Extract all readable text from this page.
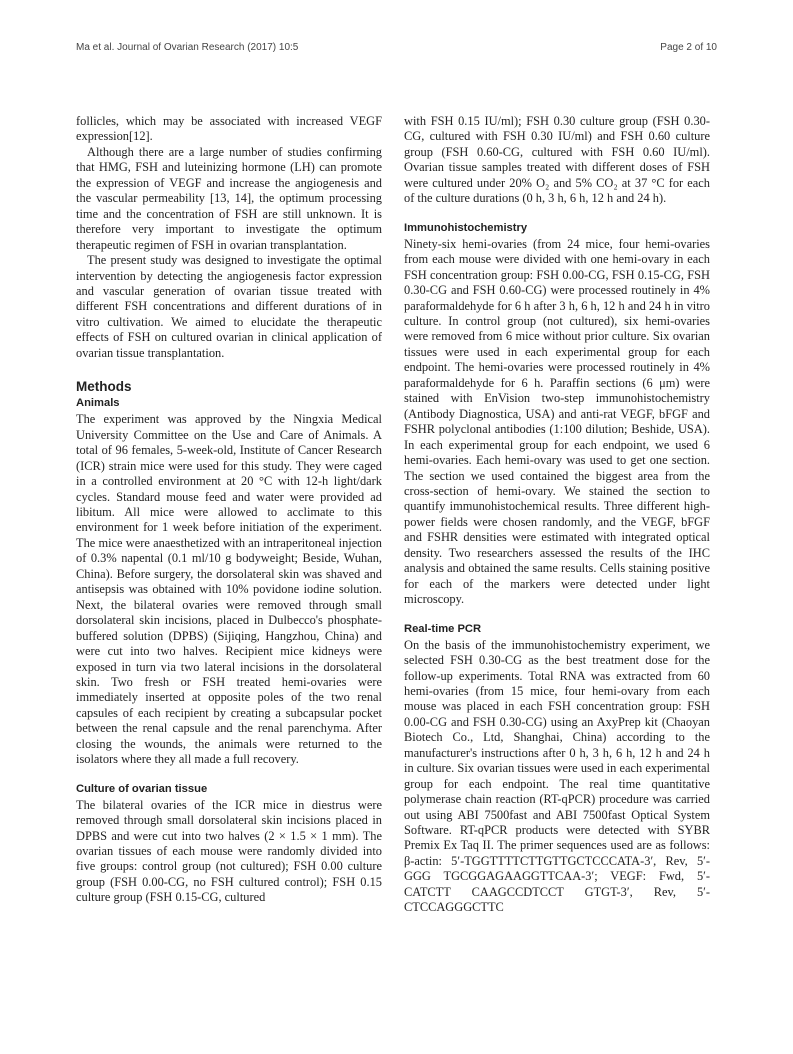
Ma et al. Journal of Ovarian Research (2017) 10:5	Page 2 of 10

follicles, which may be associated with increased VEGF expression[12].

Although there are a large number of studies confirming that HMG, FSH and luteinizing hormone (LH) can promote the expression of VEGF and increase the angiogenesis and the vascular permeability [13, 14], the optimum processing time and the concentration of FSH are still unknown. It is therefore very important to investigate the optimum therapeutic regimen of FSH in ovarian transplantation.

The present study was designed to investigate the optimal intervention by detecting the angiogenesis factor expression and vascular generation of ovarian tissue treated with different FSH concentrations and different durations of in vitro cultivation. We aimed to elucidate the therapeutic effects of FSH on cultured ovarian in clinical application of ovarian tissue transplantation.

Methods
Animals

The experiment was approved by the Ningxia Medical University Committee on the Use and Care of Animals. A total of 96 females, 5-week-old, Institute of Cancer Research (ICR) strain mice were used for this study. They were caged in a controlled environment at 20 °C with 12-h light/dark cycles. Standard mouse feed and water were provided ad libitum. All mice were allowed to acclimate to this environment for 1 week before initiation of the experiment. The mice were anaesthetized with an intraperitoneal injection of 0.3% napental (0.1 ml/10 g bodyweight; Beside, Wuhan, China). Before surgery, the dorsolateral skin was shaved and antisepsis was obtained with 10% povidone iodine solution. Next, the bilateral ovaries were removed through small dorsolateral skin incisions, placed in Dulbecco's phosphate-buffered solution (DPBS) (Sijiqing, Hangzhou, China) and were cut into two halves. Recipient mice kidneys were exposed in turn via two lateral incisions in the dorsolateral skin. Two fresh or FSH treated hemi-ovaries were immediately inserted at opposite poles of the two renal capsules of each recipient by creating a subcapsular pocket between the renal capsule and the renal parenchyma. After closing the wounds, the animals were returned to the isolators where they all made a full recovery.

Culture of ovarian tissue

The bilateral ovaries of the ICR mice in diestrus were removed through small dorsolateral skin incisions placed in DPBS and were cut into two halves (2 × 1.5 × 1 mm). The ovarian tissues of each mouse were randomly divided into five groups: control group (not cultured); FSH 0.00 culture group (FSH 0.00-CG, no FSH cultured control); FSH 0.15 culture group (FSH 0.15-CG, cultured

with FSH 0.15 IU/ml); FSH 0.30 culture group (FSH 0.30-CG, cultured with FSH 0.30 IU/ml) and FSH 0.60 culture group (FSH 0.60-CG, cultured with FSH 0.60 IU/ml). Ovarian tissue samples treated with different doses of FSH were cultured under 20% O₂ and 5% CO₂ at 37 °C for each of the culture durations (0 h, 3 h, 6 h, 12 h and 24 h).

Immunohistochemistry

Ninety-six hemi-ovaries (from 24 mice, four hemi-ovaries from each mouse were divided with one hemi-ovary in each FSH concentration group: FSH 0.00-CG, FSH 0.15-CG, FSH 0.30-CG and FSH 0.60-CG) were processed routinely in 4% paraformaldehyde for 6 h after 3 h, 6 h, 12 h and 24 h in vitro culture. In control group (not cultured), six hemi-ovaries were removed from 6 mice without prior culture. Six ovarian tissues were used in each experimental group for each endpoint. The hemi-ovaries were processed routinely in 4% paraformaldehyde for 6 h. Paraffin sections (6 μm) were stained with EnVision two-step immunohistochemistry (Antibody Diagnostica, USA) and anti-rat VEGF, bFGF and FSHR polyclonal antibodies (1:100 dilution; Beshide, USA). In each experimental group for each endpoint, we used 6 hemi-ovaries. Each hemi-ovary was used to get one section. The section we used contained the biggest area from the cross-section of hemi-ovary. We stained the section to quantify immunohistochemical results. Three different high-power fields were chosen randomly, and the VEGF, bFGF and FSHR densities were estimated with integrated optical density. Two researchers assessed the results of the IHC analysis and obtained the same results. Cells staining positive for each of the markers were detected under light microscopy.

Real-time PCR

On the basis of the immunohistochemistry experiment, we selected FSH 0.30-CG as the best treatment dose for the follow-up experiments. Total RNA was extracted from 60 hemi-ovaries (from 15 mice, four hemi-ovary from each mouse was placed in each FSH concentration group: FSH 0.00-CG and FSH 0.30-CG) using an AxyPrep kit (Chaoyan Biotech Co., Ltd, Shanghai, China) according to the manufacturer's instructions after 0 h, 3 h, 6 h, 12 h and 24 h in culture. Six ovarian tissues were used in each experimental group for each endpoint. The real time quantitative polymerase chain reaction (RT-qPCR) procedure was carried out using ABI 7500fast and ABI 7500fast Optical System Software. RT-qPCR products were detected with SYBR Premix Ex Taq II. The primer sequences used are as follows: β-actin: 5′-TGGTTTTCTTGTTGCTCCCATA-3′, Rev, 5′-GGG TGCGGAGAAGGTTCAA-3′; VEGF: Fwd, 5′-CATCTT CAAGCCDTCCT GTGT-3′, Rev, 5′-CTCCAGGGCTTC
